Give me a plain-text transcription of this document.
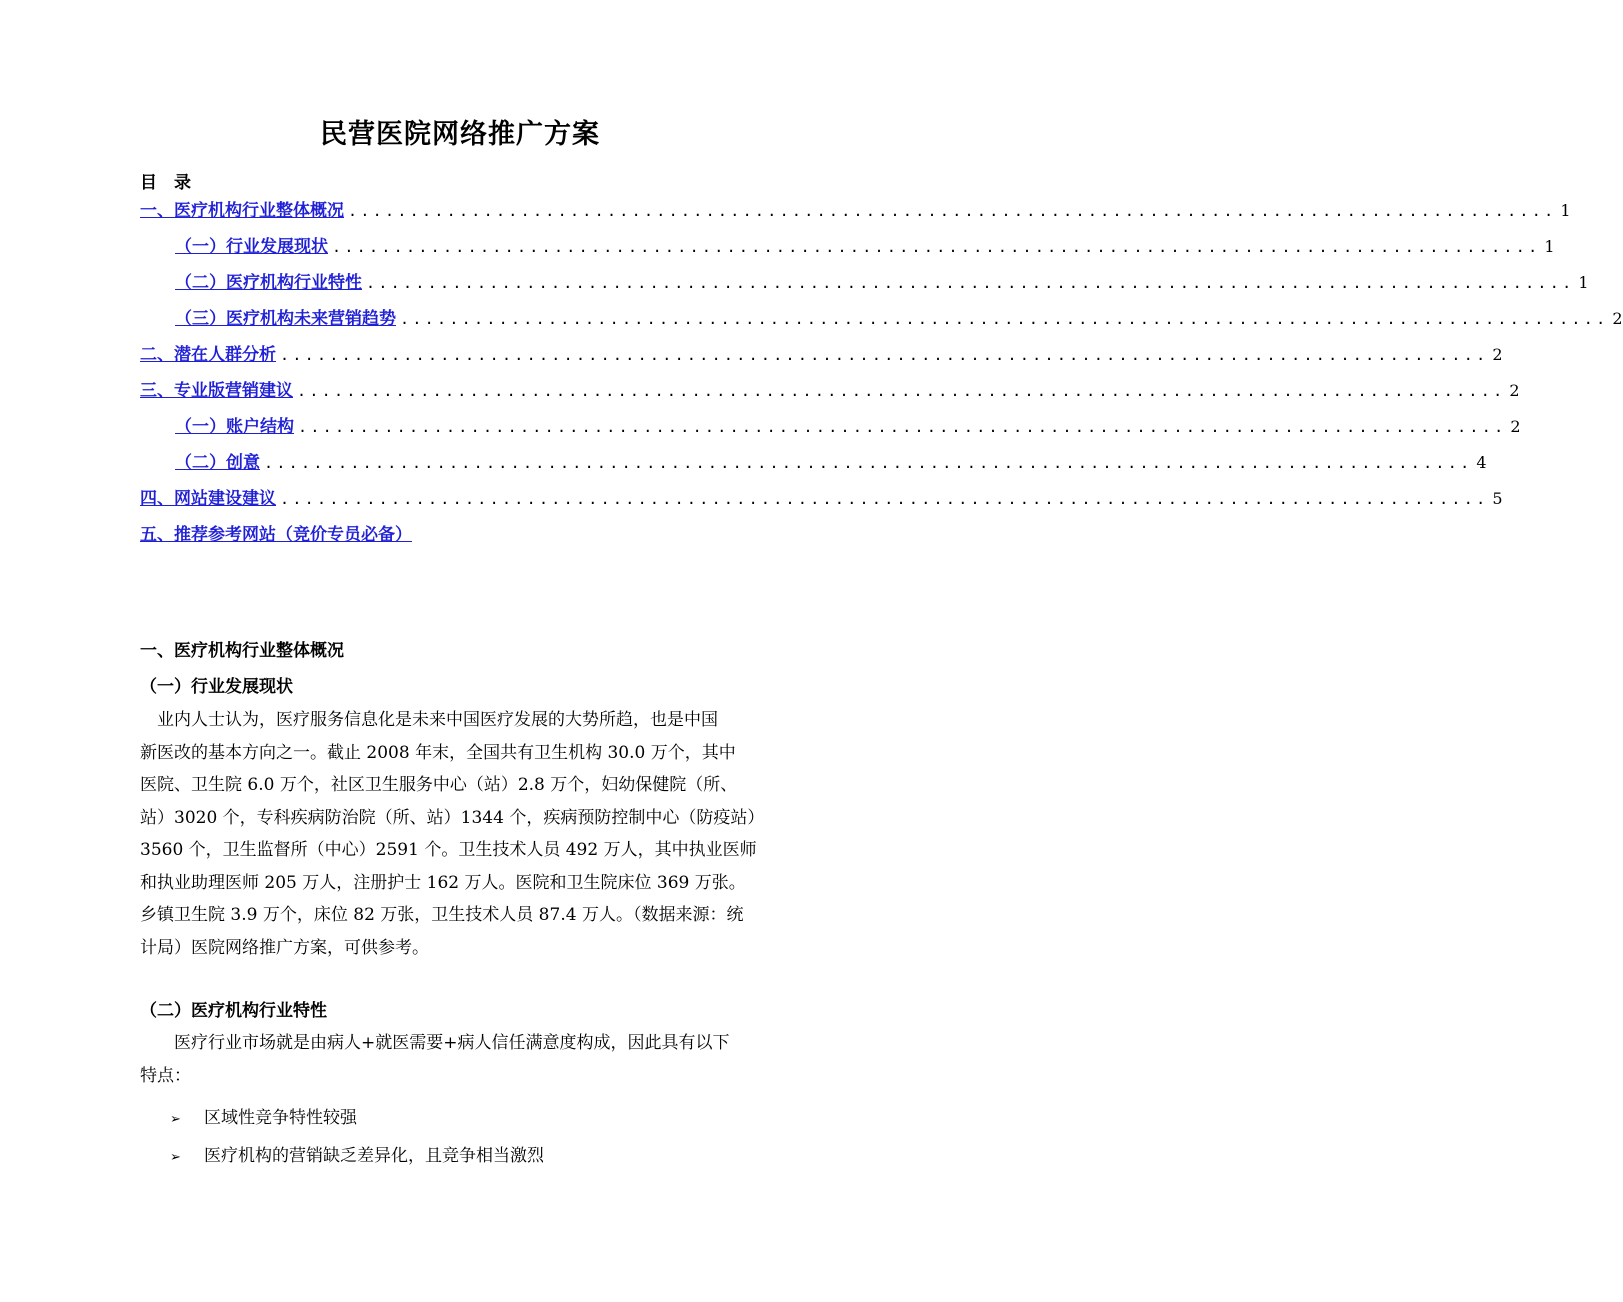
民营医院网络推广方案
目　录
一、医疗机构行业整体概况 .................................................................................................. 1
（一）行业发展现状 .................................................................................................. 1
（二）医疗机构行业特性 .................................................................................................. 1
（三）医疗机构未来营销趋势 .................................................................................................. 2
二、潜在人群分析 .................................................................................................. 2
三、专业版营销建议 .................................................................................................. 2
（一）账户结构 .................................................................................................. 2
（二）创意 .................................................................................................. 4
四、网站建设建议 .................................................................................................. 5
五、推荐参考网站（竞价专员必备）
一、医疗机构行业整体概况
（一）行业发展现状
　业内人士认为，医疗服务信息化是未来中国医疗发展的大势所趋，也是中国
新医改的基本方向之一。截止 2008 年末，全国共有卫生机构 30.0 万个，其中
医院、卫生院 6.0 万个，社区卫生服务中心（站）2.8 万个，妇幼保健院（所、
站）3020 个，专科疾病防治院（所、站）1344 个，疾病预防控制中心（防疫站）
3560 个，卫生监督所（中心）2591 个。卫生技术人员 492 万人，其中执业医师
和执业助理医师 205 万人，注册护士 162 万人。医院和卫生院床位 369 万张。
乡镇卫生院 3.9 万个，床位 82 万张，卫生技术人员 87.4 万人。（数据来源：统
计局）医院网络推广方案，可供参考。
（二）医疗机构行业特性
　　医疗行业市场就是由病人+就医需要+病人信任满意度构成，因此具有以下
特点：
➢	区域性竞争特性较强
➢	医疗机构的营销缺乏差异化，且竞争相当激烈
